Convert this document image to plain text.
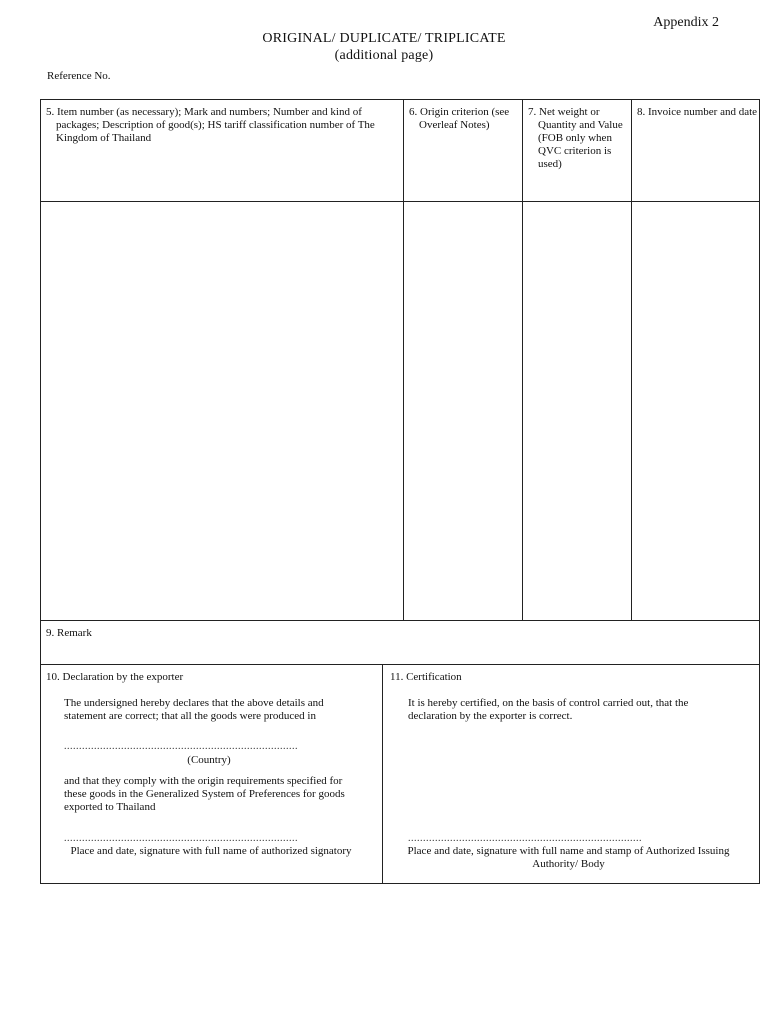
Appendix 2
ORIGINAL/ DUPLICATE/ TRIPLICATE
(additional page)
Reference No.
5. Item number (as necessary); Mark and numbers; Number and kind of packages; Description of good(s); HS tariff classification number of The Kingdom of Thailand
6. Origin criterion (see Overleaf Notes)
7. Net weight or Quantity and Value (FOB only when QVC criterion is used)
8. Invoice number and date
9. Remark
10. Declaration by the exporter
The undersigned hereby declares that the above details and statement are correct; that all the goods were produced in
..............................................................................
(Country)
and that they comply with the origin requirements specified for these goods in the Generalized System of Preferences for goods exported to Thailand
..............................................................................
Place and date, signature with full name of authorized signatory
11. Certification
It is hereby certified, on the basis of control carried out, that the declaration by the exporter is correct.
..............................................................................
Place and date, signature with full name and stamp of Authorized Issuing Authority/ Body
